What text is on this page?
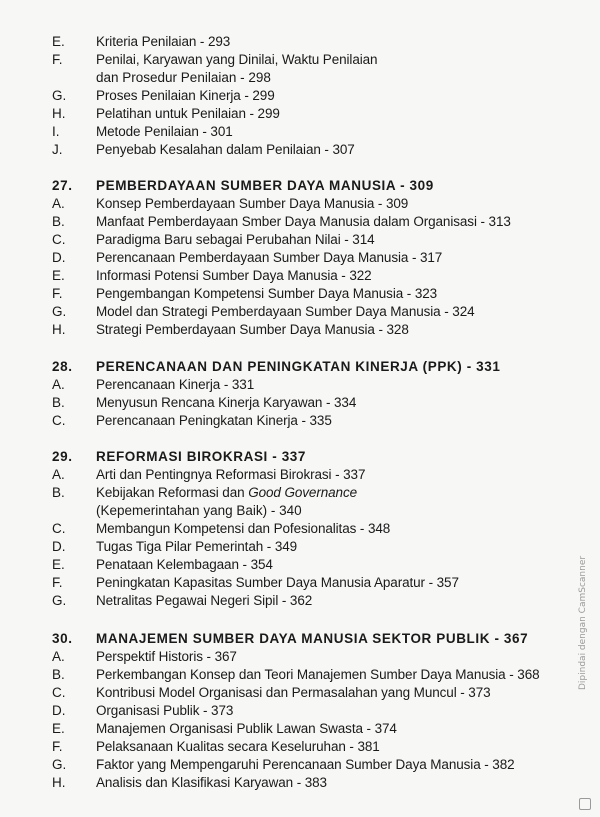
E.	Kriteria Penilaian - 293
F.	Penilai, Karyawan yang Dinilai, Waktu Penilaian
dan Prosedur Penilaian - 298
G.	Proses Penilaian Kinerja - 299
H.	Pelatihan untuk Penilaian - 299
I.	Metode Penilaian - 301
J.	Penyebab Kesalahan dalam Penilaian - 307
27. PEMBERDAYAAN SUMBER DAYA MANUSIA - 309
A.	Konsep Pemberdayaan Sumber Daya Manusia - 309
B.	Manfaat Pemberdayaan Smber Daya Manusia dalam Organisasi - 313
C.	Paradigma Baru sebagai Perubahan Nilai - 314
D.	Perencanaan Pemberdayaan Sumber Daya Manusia - 317
E.	Informasi Potensi Sumber Daya Manusia - 322
F.	Pengembangan Kompetensi Sumber Daya Manusia - 323
G.	Model dan Strategi Pemberdayaan Sumber Daya Manusia - 324
H.	Strategi Pemberdayaan Sumber Daya Manusia - 328
28. PERENCANAAN DAN PENINGKATAN KINERJA (PPK) - 331
A.	Perencanaan Kinerja - 331
B.	Menyusun Rencana Kinerja Karyawan - 334
C.	Perencanaan Peningkatan Kinerja - 335
29. REFORMASI BIROKRASI - 337
A.	Arti dan Pentingnya Reformasi Birokrasi - 337
B.	Kebijakan Reformasi dan Good Governance
(Kepemerintahan yang Baik) - 340
C.	Membangun Kompetensi dan Pofesionalitas - 348
D.	Tugas Tiga Pilar Pemerintah - 349
E.	Penataan Kelembagaan - 354
F.	Peningkatan Kapasitas Sumber Daya Manusia Aparatur - 357
G.	Netralitas Pegawai Negeri Sipil - 362
30. MANAJEMEN SUMBER DAYA MANUSIA SEKTOR PUBLIK - 367
A.	Perspektif Historis - 367
B.	Perkembangan Konsep dan Teori Manajemen Sumber Daya Manusia - 368
C.	Kontribusi Model Organisasi dan Permasalahan yang Muncul - 373
D.	Organisasi Publik - 373
E.	Manajemen Organisasi Publik Lawan Swasta - 374
F.	Pelaksanaan Kualitas secara Keseluruhan - 381
G.	Faktor yang Mempengaruhi Perencanaan Sumber Daya Manusia - 382
H.	Analisis dan Klasifikasi Karyawan - 383
Dipindai dengan CamScanner
